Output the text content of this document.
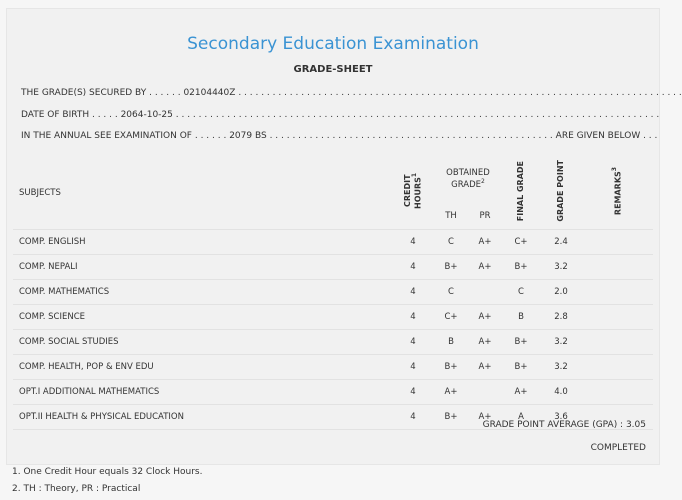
Secondary Education Examination
GRADE-SHEET
THE GRADE(S) SECURED BY . . . . . . 02104440Z . . . . . . . . . . . . . . . . . . . . . . . . . . . . . . . . . . . . . . . . . . . . . . . . . . . . . . . . . . . . . . . . . . . . . . . . . . . . . .
DATE OF BIRTH . . . . . 2064-10-25 . . . . . . . . . . . . . . . . . . . . . . . . . . . . . . . . . . . . . . . . . . . . . . . . . . . . . . . . . . . . . . . . . . . . . . . . . . . . . . . . . . . . .
IN THE ANNUAL SEE EXAMINATION OF . . . . . . 2079 BS . . . . . . . . . . . . . . . . . . . . . . . . . . . . . . . . . . . . . . . . . . . . . . . . . . ARE GIVEN BELOW . . .
SUBJECTS	CREDIT HOURS$^1$	OBTAINED GRADE$^2$		FINAL GRADE	GRADE POINT	REMARKS$^3$
		TH	PR			
COMP. ENGLISH	4	C	A+	C+	2.4	
COMP. NEPALI	4	B+	A+	B+	3.2	
COMP. MATHEMATICS	4	C		C	2.0	
COMP. SCIENCE	4	C+	A+	B	2.8	
COMP. SOCIAL STUDIES	4	B	A+	B+	3.2	
COMP. HEALTH, POP & ENV EDU	4	B+	A+	B+	3.2	
OPT.I ADDITIONAL MATHEMATICS	4	A+		A+	4.0	
OPT.II HEALTH & PHYSICAL EDUCATION	4	B+	A+	A	3.6	
GRADE POINT AVERAGE (GPA) : 3.05
COMPLETED
1. One Credit Hour equals 32 Clock Hours.
2. TH : Theory, PR : Practical
